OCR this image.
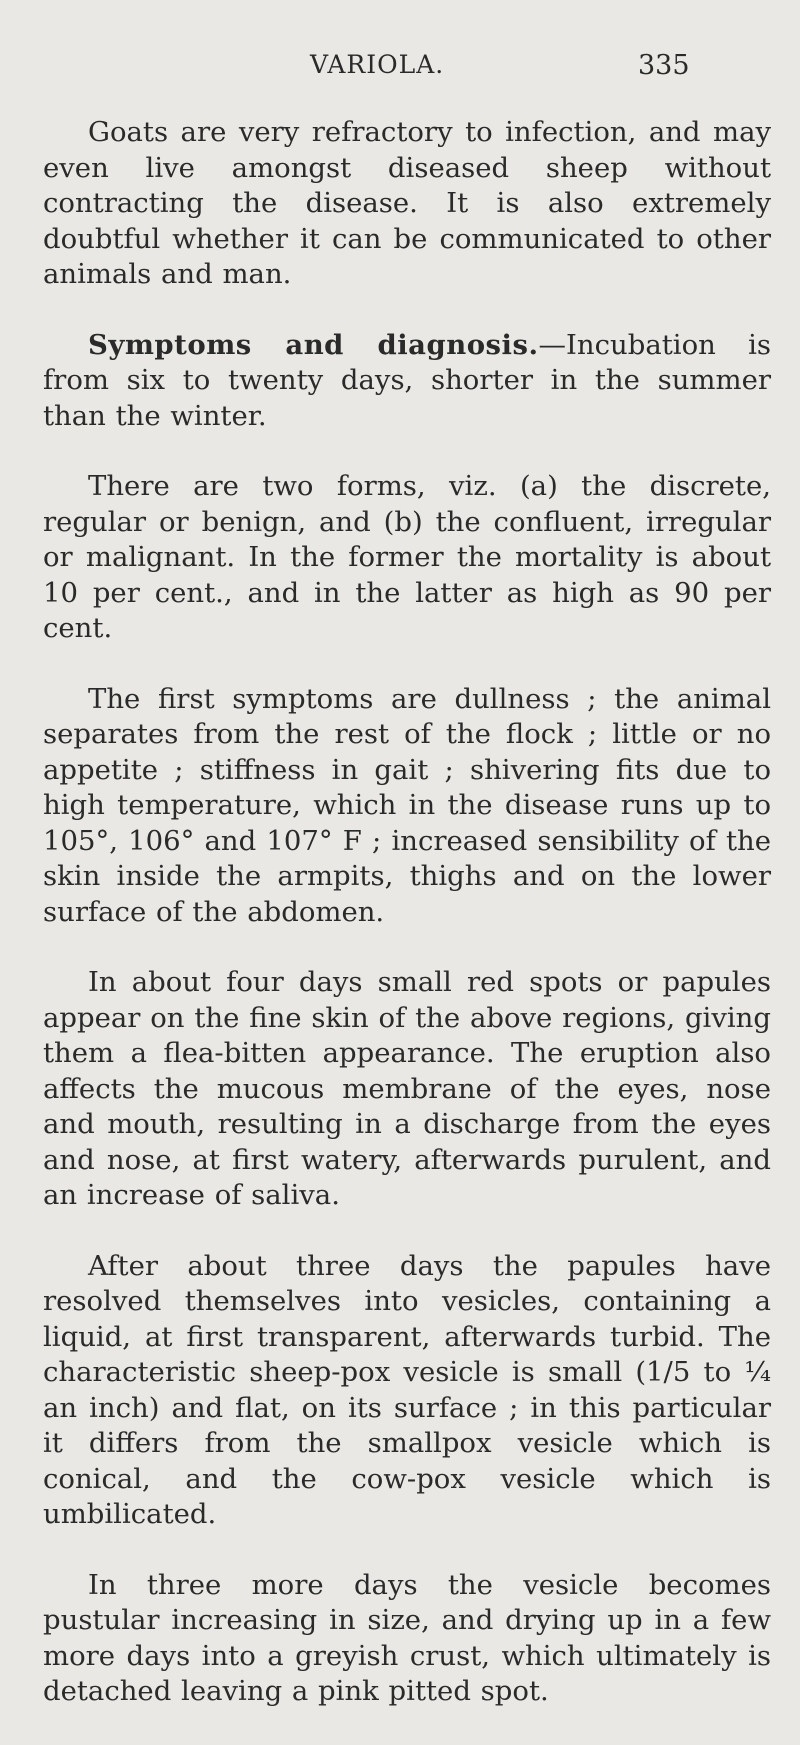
VARIOLA.	335

Goats are very refractory to infection, and may even live amongst diseased sheep without contracting the disease. It is also extremely doubtful whether it can be communicated to other animals and man.

Symptoms and diagnosis.—Incubation is from six to twenty days, shorter in the summer than the winter.

There are two forms, viz. (a) the discrete, regular or benign, and (b) the confluent, irregular or malignant. In the former the mortality is about 10 per cent., and in the latter as high as 90 per cent.

The first symptoms are dullness ; the animal separates from the rest of the flock ; little or no appetite ; stiffness in gait ; shivering fits due to high temperature, which in the disease runs up to 105°, 106° and 107° F ; increased sensibility of the skin inside the armpits, thighs and on the lower surface of the abdomen.

In about four days small red spots or papules appear on the fine skin of the above regions, giving them a flea-bitten appearance. The eruption also affects the mucous membrane of the eyes, nose and mouth, resulting in a discharge from the eyes and nose, at first watery, afterwards purulent, and an increase of saliva.

After about three days the papules have resolved themselves into vesicles, containing a liquid, at first transparent, afterwards turbid. The characteristic sheep-pox vesicle is small (1/5 to ¼ an inch) and flat, on its surface ; in this particular it differs from the smallpox vesicle which is conical, and the cow-pox vesicle which is umbilicated.

In three more days the vesicle becomes pustular increasing in size, and drying up in a few more days into a greyish crust, which ultimately is detached leaving a pink pitted spot.
